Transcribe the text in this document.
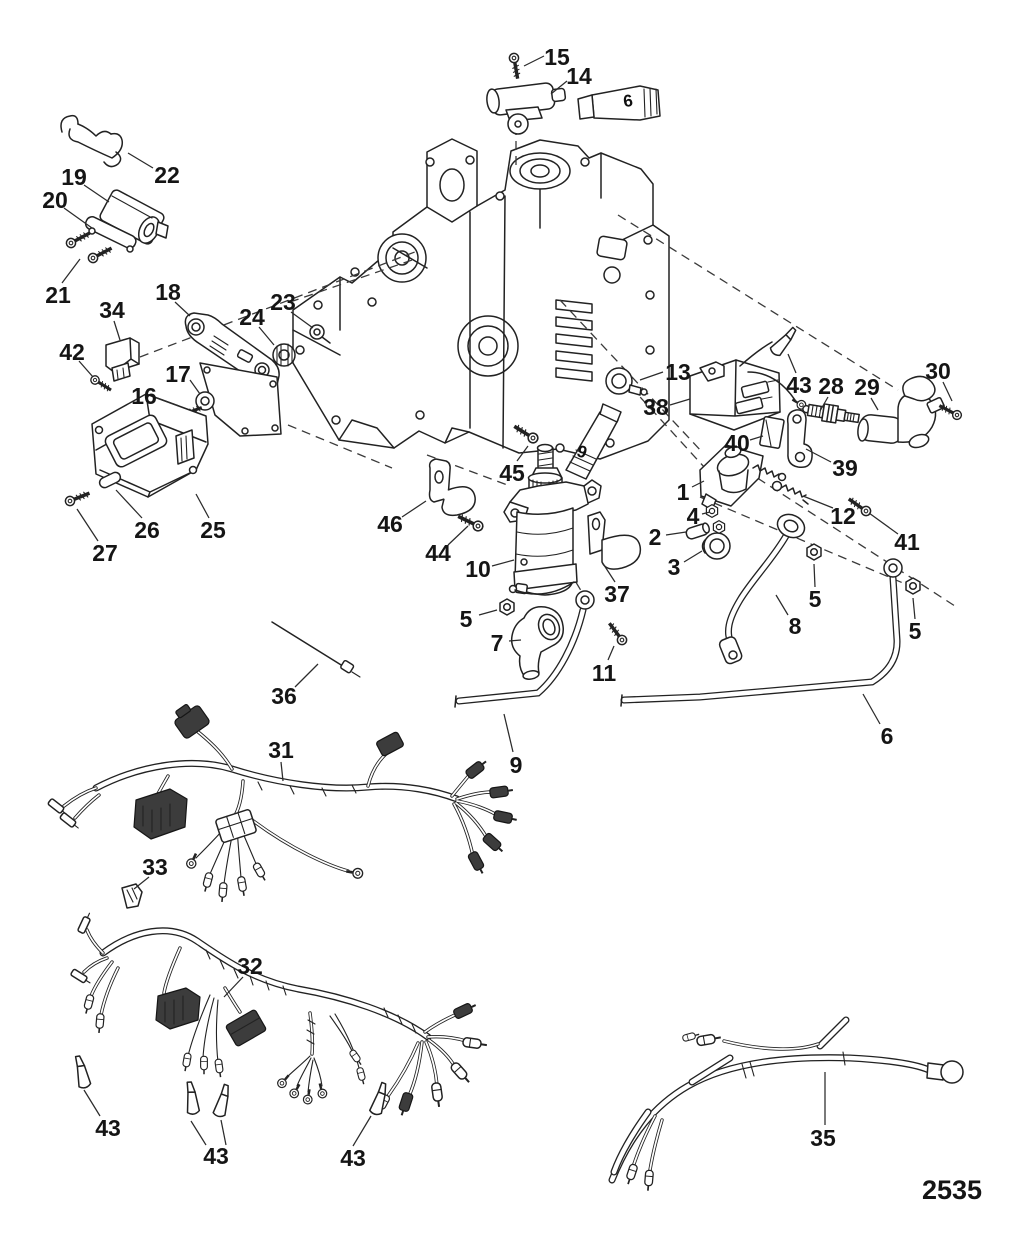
15
14
22
19
20
21
34
42
18
24
23
17
16
25
26
27
13
38
43 28 29
30
40
39
45
1
4
2
3
12
41
46
44
10
37
5
7
11
9
36
5
8	5
6
31
33
32
43
43	43
35
6
9
2535
